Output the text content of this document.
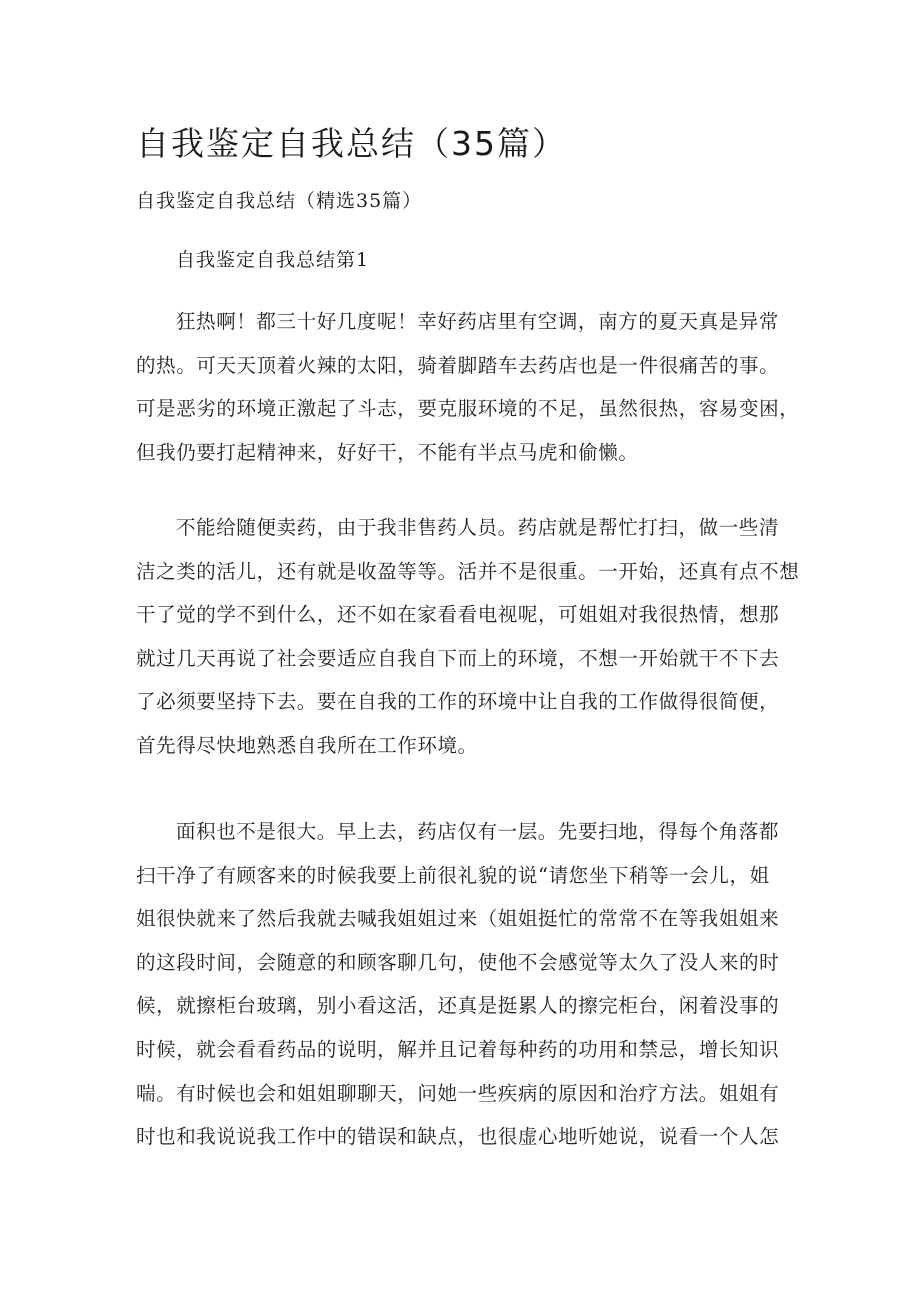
自我鉴定自我总结（35篇）

自我鉴定自我总结（精选35篇）

自我鉴定自我总结第1

狂热啊！都三十好几度呢！幸好药店里有空调，南方的夏天真是异常
的热。可天天顶着火辣的太阳，骑着脚踏车去药店也是一件很痛苦的事。
可是恶劣的环境正激起了斗志，要克服环境的不足，虽然很热，容易变困，
但我仍要打起精神来，好好干，不能有半点马虎和偷懒。
不能给随便卖药，由于我非售药人员。药店就是帮忙打扫，做一些清
洁之类的活儿，还有就是收盈等等。活并不是很重。一开始，还真有点不想
干了觉的学不到什么，还不如在家看看电视呢，可姐姐对我很热情，想那
就过几天再说了社会要适应自我自下而上的环境，不想一开始就干不下去
了必须要坚持下去。要在自我的工作的环境中让自我的工作做得很简便，
首先得尽快地熟悉自我所在工作环境。
面积也不是很大。早上去，药店仅有一层。先要扫地，得每个角落都
扫干净了有顾客来的时候我要上前很礼貌的说“请您坐下稍等一会儿，姐
姐很快就来了然后我就去喊我姐姐过来（姐姐挺忙的常常不在等我姐姐来
的这段时间，会随意的和顾客聊几句，使他不会感觉等太久了没人来的时
候，就擦柜台玻璃，别小看这活，还真是挺累人的擦完柜台，闲着没事的
时候，就会看看药品的说明，解并且记着每种药的功用和禁忌，增长知识
喘。有时候也会和姐姐聊聊天，问她一些疾病的原因和治疗方法。姐姐有
时也和我说说我工作中的错误和缺点，也很虚心地听她说，说看一个人怎
